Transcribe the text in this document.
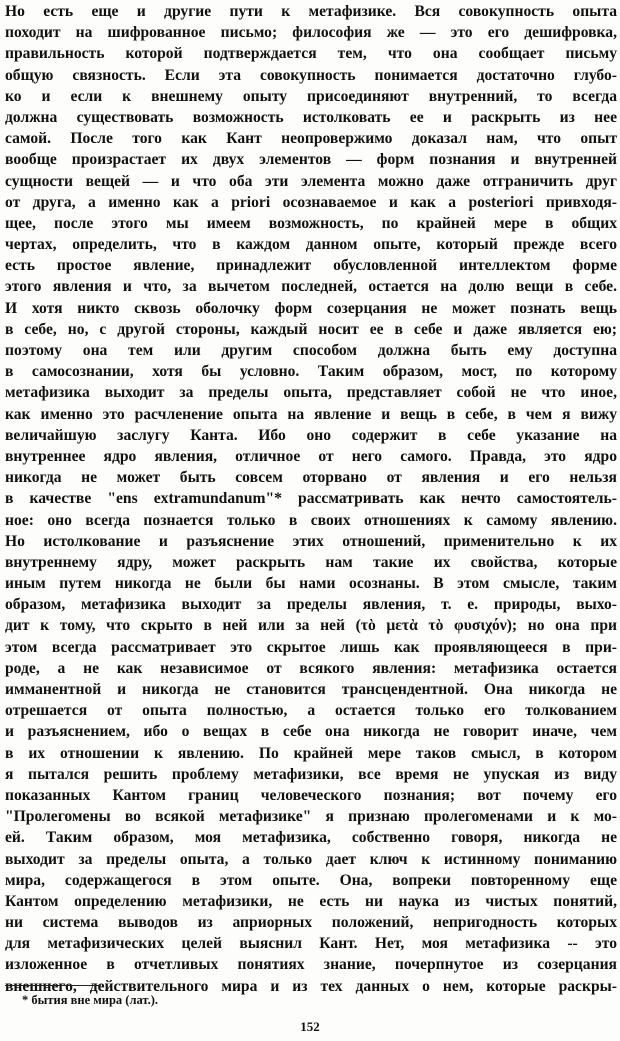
Но есть еще и другие пути к метафизике. Вся совокупность опыта
походит на шифрованное письмо; философия же — это его дешифровка,
правильность которой подтверждается тем, что она сообщает письму
общую связность. Если эта совокупность понимается достаточно глубо-
ко и если к внешнему опыту присоединяют внутренний, то всегда
должна существовать возможность истолковать ее и раскрыть из нее
самой. После того как Кант неопровержимо доказал нам, что опыт
вообще произрастает их двух элементов — форм познания и внутренней
сущности вещей — и что оба эти элемента можно даже отграничить друг
от друга, а именно как а priori осознаваемое и как a posteriori привходя-
щее, после этого мы имеем возможность, по крайней мере в общих
чертах, определить, что в каждом данном опыте, который прежде всего
есть простое явление, принадлежит обусловленной интеллектом форме
этого явления и что, за вычетом последней, остается на долю вещи в себе.
И хотя никто сквозь оболочку форм созерцания не может познать вещь
в себе, но, с другой стороны, каждый носит ее в себе и даже является ею;
поэтому она тем или другим способом должна быть ему доступна
в самосознании, хотя бы условно. Таким образом, мост, по которому
метафизика выходит за пределы опыта, представляет собой не что иное,
как именно это расчленение опыта на явление и вещь в себе, в чем я вижу
величайшую заслугу Канта. Ибо оно содержит в себе указание на
внутреннее ядро явления, отличное от него самого. Правда, это ядро
никогда не может быть совсем оторвано от явления и его нельзя
в качестве "ens extramundanum"* рассматривать как нечто самостоятель-
ное: оно всегда познается только в своих отношениях к самому явлению.
Но истолкование и разъяснение этих отношений, применительно к их
внутреннему ядру, может раскрыть нам такие их свойства, которые
иным путем никогда не были бы нами осознаны. В этом смысле, таким
образом, метафизика выходит за пределы явления, т. е. природы, выхо-
дит к тому, что скрыто в ней или за ней (τὸ μετὰ τὸ φυσιχόν); но она при
этом всегда рассматривает это скрытое лишь как проявляющееся в при-
роде, а не как независимое от всякого явления: метафизика остается
имманентной и никогда не становится трансцендентной. Она никогда не
отрешается от опыта полностью, а остается только его толкованием
и разъяснением, ибо о вещах в себе она никогда не говорит иначе, чем
в их отношении к явлению. По крайней мере таков смысл, в котором
я пытался решить проблему метафизики, все время не упуская из виду
показанных Кантом границ человеческого познания; вот почему его
"Пролегомены во всякой метафизике" я признаю пролегоменами и к мо-
ей. Таким образом, моя метафизика, собственно говоря, никогда не
выходит за пределы опыта, а только дает ключ к истинному пониманию
мира, содержащегося в этом опыте. Она, вопреки повторенному еще
Кантом определению метафизики, не есть ни наука из чистых понятий,
ни система выводов из априорных положений, непригодность которых
для метафизических целей выяснил Кант. Нет, моя метафизика -- это
изложенное в отчетливых понятиях знание, почерпнутое из созерцания
внешнего, действительного мира и из тех данных о нем, которые раскры-
* бытия вне мира (лат.).
152
